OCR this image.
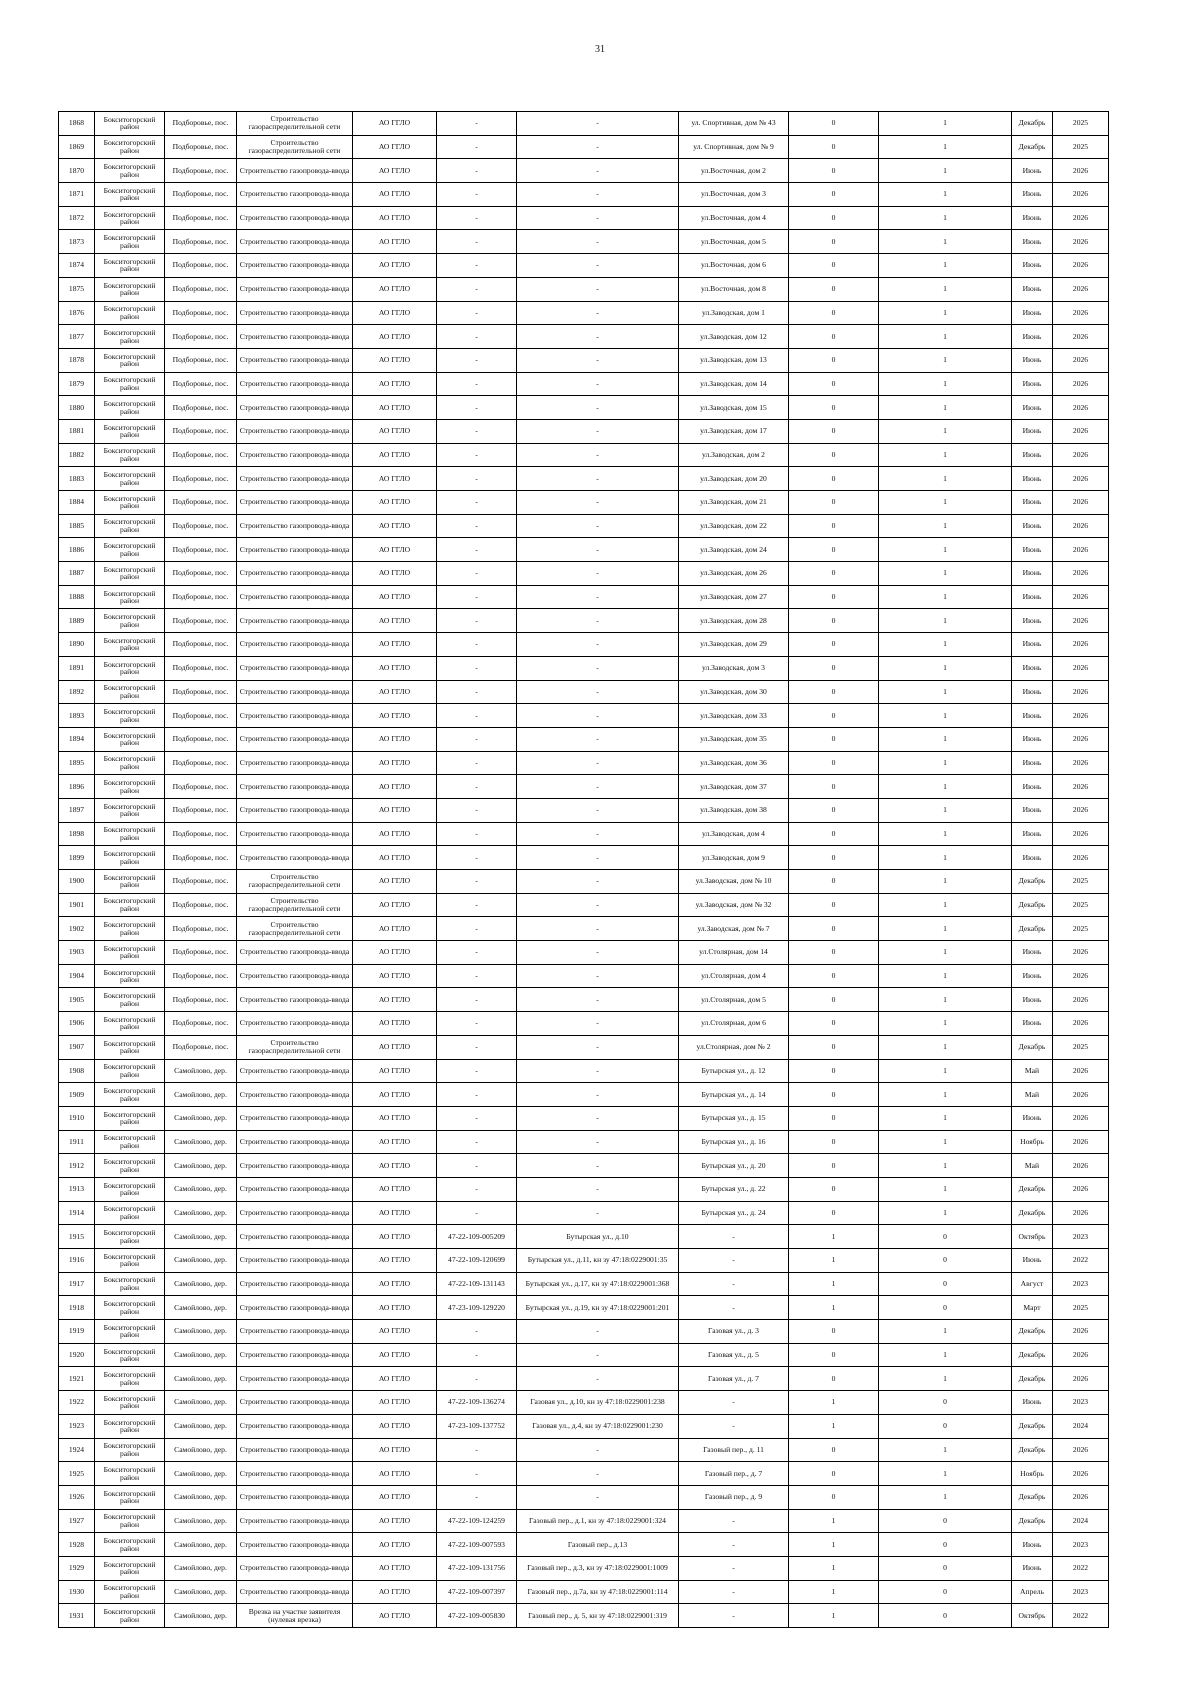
31
1868	Бокситогорский район	Подборовье, пос.	Строительство газораспределительной сети	АО ГГЛО	-	-	ул. Спортивная, дом № 43	0	1	Декабрь	2025
1869	Бокситогорский район	Подборовье, пос.	Строительство газораспределительной сети	АО ГГЛО	-	-	ул. Спортивная, дом № 9	0	1	Декабрь	2025
1870	Бокситогорский район	Подборовье, пос.	Строительство газопровода-ввода	АО ГГЛО	-	-	ул.Восточная, дом 2	0	1	Июнь	2026
1871	Бокситогорский район	Подборовье, пос.	Строительство газопровода-ввода	АО ГГЛО	-	-	ул.Восточная, дом 3	0	1	Июнь	2026
1872	Бокситогорский район	Подборовье, пос.	Строительство газопровода-ввода	АО ГГЛО	-	-	ул.Восточная, дом 4	0	1	Июнь	2026
1873	Бокситогорский район	Подборовье, пос.	Строительство газопровода-ввода	АО ГГЛО	-	-	ул.Восточная, дом 5	0	1	Июнь	2026
1874	Бокситогорский район	Подборовье, пос.	Строительство газопровода-ввода	АО ГГЛО	-	-	ул.Восточная, дом 6	0	1	Июнь	2026
1875	Бокситогорский район	Подборовье, пос.	Строительство газопровода-ввода	АО ГГЛО	-	-	ул.Восточная, дом 8	0	1	Июнь	2026
1876	Бокситогорский район	Подборовье, пос.	Строительство газопровода-ввода	АО ГГЛО	-	-	ул.Заводская, дом 1	0	1	Июнь	2026
1877	Бокситогорский район	Подборовье, пос.	Строительство газопровода-ввода	АО ГГЛО	-	-	ул.Заводская, дом 12	0	1	Июнь	2026
1878	Бокситогорский район	Подборовье, пос.	Строительство газопровода-ввода	АО ГГЛО	-	-	ул.Заводская, дом 13	0	1	Июнь	2026
1879	Бокситогорский район	Подборовье, пос.	Строительство газопровода-ввода	АО ГГЛО	-	-	ул.Заводская, дом 14	0	1	Июнь	2026
1880	Бокситогорский район	Подборовье, пос.	Строительство газопровода-ввода	АО ГГЛО	-	-	ул.Заводская, дом 15	0	1	Июнь	2026
1881	Бокситогорский район	Подборовье, пос.	Строительство газопровода-ввода	АО ГГЛО	-	-	ул.Заводская, дом 17	0	1	Июнь	2026
1882	Бокситогорский район	Подборовье, пос.	Строительство газопровода-ввода	АО ГГЛО	-	-	ул.Заводская, дом 2	0	1	Июнь	2026
1883	Бокситогорский район	Подборовье, пос.	Строительство газопровода-ввода	АО ГГЛО	-	-	ул.Заводская, дом 20	0	1	Июнь	2026
1884	Бокситогорский район	Подборовье, пос.	Строительство газопровода-ввода	АО ГГЛО	-	-	ул.Заводская, дом 21	0	1	Июнь	2026
1885	Бокситогорский район	Подборовье, пос.	Строительство газопровода-ввода	АО ГГЛО	-	-	ул.Заводская, дом 22	0	1	Июнь	2026
1886	Бокситогорский район	Подборовье, пос.	Строительство газопровода-ввода	АО ГГЛО	-	-	ул.Заводская, дом 24	0	1	Июнь	2026
1887	Бокситогорский район	Подборовье, пос.	Строительство газопровода-ввода	АО ГГЛО	-	-	ул.Заводская, дом 26	0	1	Июнь	2026
1888	Бокситогорский район	Подборовье, пос.	Строительство газопровода-ввода	АО ГГЛО	-	-	ул.Заводская, дом 27	0	1	Июнь	2026
1889	Бокситогорский район	Подборовье, пос.	Строительство газопровода-ввода	АО ГГЛО	-	-	ул.Заводская, дом 28	0	1	Июнь	2026
1890	Бокситогорский район	Подборовье, пос.	Строительство газопровода-ввода	АО ГГЛО	-	-	ул.Заводская, дом 29	0	1	Июнь	2026
1891	Бокситогорский район	Подборовье, пос.	Строительство газопровода-ввода	АО ГГЛО	-	-	ул.Заводская, дом 3	0	1	Июнь	2026
1892	Бокситогорский район	Подборовье, пос.	Строительство газопровода-ввода	АО ГГЛО	-	-	ул.Заводская, дом 30	0	1	Июнь	2026
1893	Бокситогорский район	Подборовье, пос.	Строительство газопровода-ввода	АО ГГЛО	-	-	ул.Заводская, дом 33	0	1	Июнь	2026
1894	Бокситогорский район	Подборовье, пос.	Строительство газопровода-ввода	АО ГГЛО	-	-	ул.Заводская, дом 35	0	1	Июнь	2026
1895	Бокситогорский район	Подборовье, пос.	Строительство газопровода-ввода	АО ГГЛО	-	-	ул.Заводская, дом 36	0	1	Июнь	2026
1896	Бокситогорский район	Подборовье, пос.	Строительство газопровода-ввода	АО ГГЛО	-	-	ул.Заводская, дом 37	0	1	Июнь	2026
1897	Бокситогорский район	Подборовье, пос.	Строительство газопровода-ввода	АО ГГЛО	-	-	ул.Заводская, дом 38	0	1	Июнь	2026
1898	Бокситогорский район	Подборовье, пос.	Строительство газопровода-ввода	АО ГГЛО	-	-	ул.Заводская, дом 4	0	1	Июнь	2026
1899	Бокситогорский район	Подборовье, пос.	Строительство газопровода-ввода	АО ГГЛО	-	-	ул.Заводская, дом 9	0	1	Июнь	2026
1900	Бокситогорский район	Подборовье, пос.	Строительство газораспределительной сети	АО ГГЛО	-	-	ул.Заводская, дом № 10	0	1	Декабрь	2025
1901	Бокситогорский район	Подборовье, пос.	Строительство газораспределительной сети	АО ГГЛО	-	-	ул.Заводская, дом № 32	0	1	Декабрь	2025
1902	Бокситогорский район	Подборовье, пос.	Строительство газораспределительной сети	АО ГГЛО	-	-	ул.Заводская, дом № 7	0	1	Декабрь	2025
1903	Бокситогорский район	Подборовье, пос.	Строительство газопровода-ввода	АО ГГЛО	-	-	ул.Столярная, дом 14	0	1	Июнь	2026
1904	Бокситогорский район	Подборовье, пос.	Строительство газопровода-ввода	АО ГГЛО	-	-	ул.Столярная, дом 4	0	1	Июнь	2026
1905	Бокситогорский район	Подборовье, пос.	Строительство газопровода-ввода	АО ГГЛО	-	-	ул.Столярная, дом 5	0	1	Июнь	2026
1906	Бокситогорский район	Подборовье, пос.	Строительство газопровода-ввода	АО ГГЛО	-	-	ул.Столярная, дом 6	0	1	Июнь	2026
1907	Бокситогорский район	Подборовье, пос.	Строительство газораспределительной сети	АО ГГЛО	-	-	ул.Столярная, дом № 2	0	1	Декабрь	2025
1908	Бокситогорский район	Самойлово, дер.	Строительство газопровода-ввода	АО ГГЛО	-	-	Бутырская ул., д. 12	0	1	Май	2026
1909	Бокситогорский район	Самойлово, дер.	Строительство газопровода-ввода	АО ГГЛО	-	-	Бутырская ул., д. 14	0	1	Май	2026
1910	Бокситогорский район	Самойлово, дер.	Строительство газопровода-ввода	АО ГГЛО	-	-	Бутырская ул., д. 15	0	1	Июнь	2026
1911	Бокситогорский район	Самойлово, дер.	Строительство газопровода-ввода	АО ГГЛО	-	-	Бутырская ул., д. 16	0	1	Ноябрь	2026
1912	Бокситогорский район	Самойлово, дер.	Строительство газопровода-ввода	АО ГГЛО	-	-	Бутырская ул., д. 20	0	1	Май	2026
1913	Бокситогорский район	Самойлово, дер.	Строительство газопровода-ввода	АО ГГЛО	-	-	Бутырская ул., д. 22	0	1	Декабрь	2026
1914	Бокситогорский район	Самойлово, дер.	Строительство газопровода-ввода	АО ГГЛО	-	-	Бутырская ул., д. 24	0	1	Декабрь	2026
1915	Бокситогорский район	Самойлово, дер.	Строительство газопровода-ввода	АО ГГЛО	47-22-109-005209	Бутырская ул., д.10	-	1	0	Октябрь	2023
1916	Бокситогорский район	Самойлово, дер.	Строительство газопровода-ввода	АО ГГЛО	47-22-109-120699	Бутырская ул., д.11, кн зу 47:18:0229001:35	-	1	0	Июнь	2022
1917	Бокситогорский район	Самойлово, дер.	Строительство газопровода-ввода	АО ГГЛО	47-22-109-131143	Бутырская ул., д.17, кн зу 47:18:0229001:368	-	1	0	Август	2023
1918	Бокситогорский район	Самойлово, дер.	Строительство газопровода-ввода	АО ГГЛО	47-23-109-129220	Бутырская ул., д.19, кн зу 47:18:0229001:201	-	1	0	Март	2025
1919	Бокситогорский район	Самойлово, дер.	Строительство газопровода-ввода	АО ГГЛО	-	-	Газовая ул., д. 3	0	1	Декабрь	2026
1920	Бокситогорский район	Самойлово, дер.	Строительство газопровода-ввода	АО ГГЛО	-	-	Газовая ул., д. 5	0	1	Декабрь	2026
1921	Бокситогорский район	Самойлово, дер.	Строительство газопровода-ввода	АО ГГЛО	-	-	Газовая ул., д. 7	0	1	Декабрь	2026
1922	Бокситогорский район	Самойлово, дер.	Строительство газопровода-ввода	АО ГГЛО	47-22-109-136274	Газовая ул., д.10, кн зу 47:18:0229001:238	-	1	0	Июнь	2023
1923	Бокситогорский район	Самойлово, дер.	Строительство газопровода-ввода	АО ГГЛО	47-23-109-137752	Газовая ул., д.4, кн зу 47:18:0229001:230	-	1	0	Декабрь	2024
1924	Бокситогорский район	Самойлово, дер.	Строительство газопровода-ввода	АО ГГЛО	-	-	Газовый пер., д. 11	0	1	Декабрь	2026
1925	Бокситогорский район	Самойлово, дер.	Строительство газопровода-ввода	АО ГГЛО	-	-	Газовый пер., д. 7	0	1	Ноябрь	2026
1926	Бокситогорский район	Самойлово, дер.	Строительство газопровода-ввода	АО ГГЛО	-	-	Газовый пер., д. 9	0	1	Декабрь	2026
1927	Бокситогорский район	Самойлово, дер.	Строительство газопровода-ввода	АО ГГЛО	47-22-109-124259	Газовый пер., д.1, кн зу 47:18:0229001:324	-	1	0	Декабрь	2024
1928	Бокситогорский район	Самойлово, дер.	Строительство газопровода-ввода	АО ГГЛО	47-22-109-007593	Газовый пер., д.13	-	1	0	Июнь	2023
1929	Бокситогорский район	Самойлово, дер.	Строительство газопровода-ввода	АО ГГЛО	47-22-109-131756	Газовый пер., д.3, кн зу 47:18:0229001:1009	-	1	0	Июнь	2022
1930	Бокситогорский район	Самойлово, дер.	Строительство газопровода-ввода	АО ГГЛО	47-22-109-007397	Газовый пер., д.7а, кн зу 47:18:0229001:114	-	1	0	Апрель	2023
1931	Бокситогорский район	Самойлово, дер.	Врезка на участке заявителя (нулевая врезка)	АО ГГЛО	47-22-109-005830	Газовый пер., д. 5, кн зу 47:18:0229001:319	-	1	0	Октябрь	2022
